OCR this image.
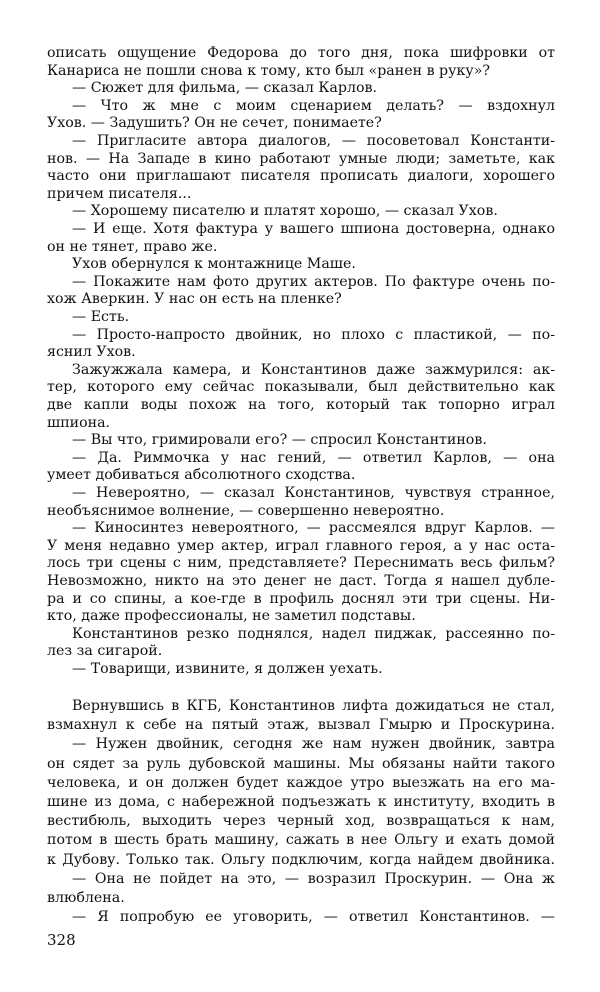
описать ощущение Федорова до того дня, пока шифровки от
Канариса не пошли снова к тому, кто был «ранен в руку»?
— Сюжет для фильма, — сказал Карлов.
— Что ж мне с моим сценарием делать? — вздохнул
Ухов. — Задушить? Он не сечет, понимаете?
— Пригласите автора диалогов, — посоветовал Константи-
нов. — На Западе в кино работают умные люди; заметьте, как
часто они приглашают писателя прописать диалоги, хорошего
причем писателя...
— Хорошему писателю и платят хорошо, — сказал Ухов.
— И еще. Хотя фактура у вашего шпиона достоверна, однако
он не тянет, право же.
Ухов обернулся к монтажнице Маше.
— Покажите нам фото других актеров. По фактуре очень по-
хож Аверкин. У нас он есть на пленке?
— Есть.
— Просто-напросто двойник, но плохо с пластикой, — по-
яснил Ухов.
Зажужжала камера, и Константинов даже зажмурился: ак-
тер, которого ему сейчас показывали, был действительно как
две капли воды похож на того, который так топорно играл
шпиона.
— Вы что, гримировали его? — спросил Константинов.
— Да. Риммочка у нас гений, — ответил Карлов, — она
умеет добиваться абсолютного сходства.
— Невероятно, — сказал Константинов, чувствуя странное,
необъяснимое волнение, — совершенно невероятно.
— Киносинтез невероятного, — рассмеялся вдруг Карлов. —
У меня недавно умер актер, играл главного героя, а у нас оста-
лось три сцены с ним, представляете? Переснимать весь фильм?
Невозможно, никто на это денег не даст. Тогда я нашел дубле-
ра и со спины, а кое-где в профиль доснял эти три сцены. Ни-
кто, даже профессионалы, не заметил подставы.
Константинов резко поднялся, надел пиджак, рассеянно по-
лез за сигарой.
— Товарищи, извините, я должен уехать.
Вернувшись в КГБ, Константинов лифта дожидаться не стал,
взмахнул к себе на пятый этаж, вызвал Гмырю и Проскурина.
— Нужен двойник, сегодня же нам нужен двойник, завтра
он сядет за руль дубовской машины. Мы обязаны найти такого
человека, и он должен будет каждое утро выезжать на его ма-
шине из дома, с набережной подъезжать к институту, входить в
вестибюль, выходить через черный ход, возвращаться к нам,
потом в шесть брать машину, сажать в нее Ольгу и ехать домой
к Дубову. Только так. Ольгу подключим, когда найдем двойника.
— Она не пойдет на это, — возразил Проскурин. — Она ж
влюблена.
— Я попробую ее уговорить, — ответил Константинов. —
328
